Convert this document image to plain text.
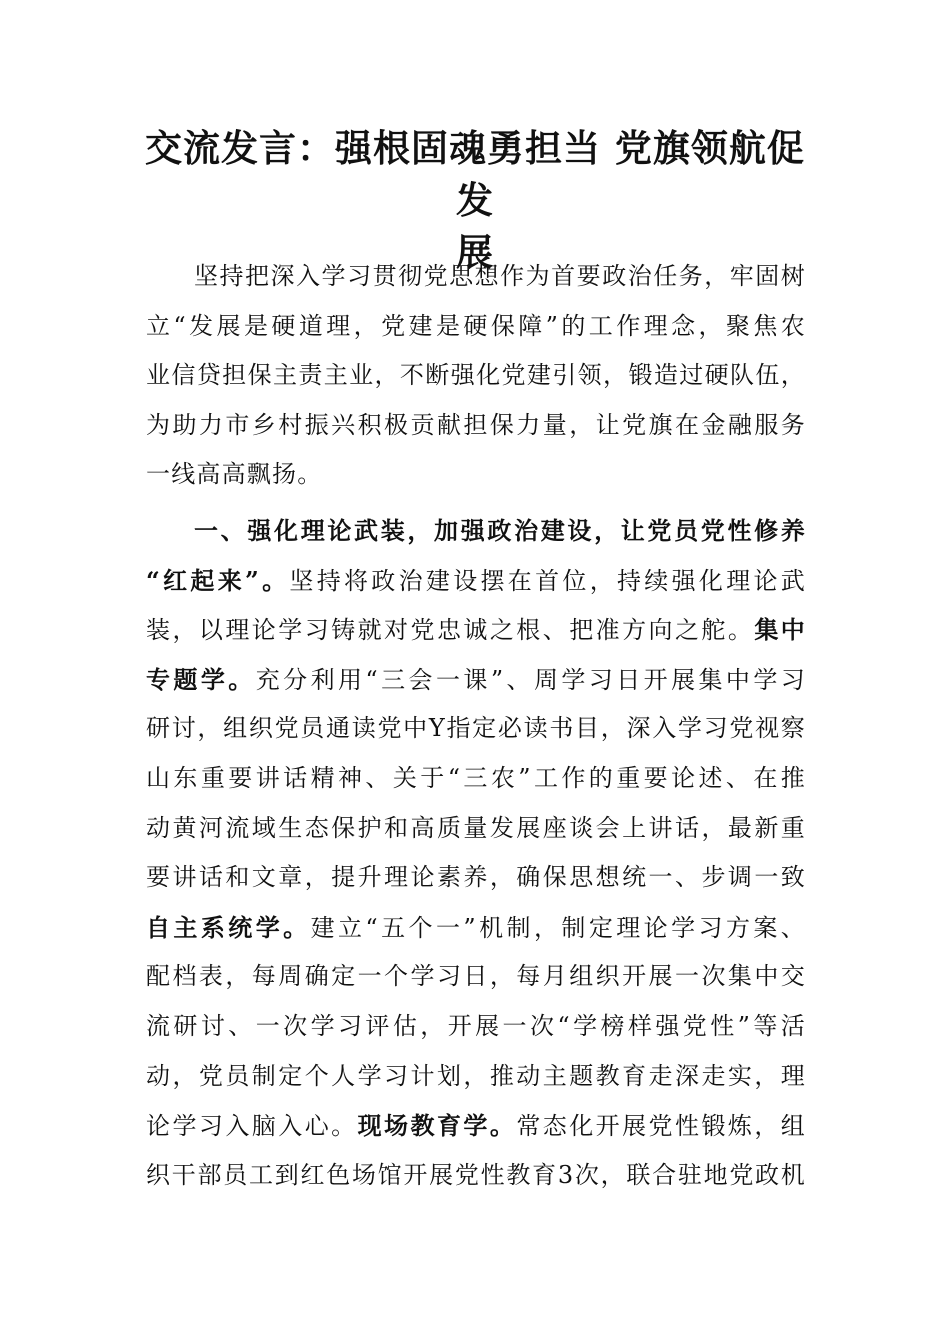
交流发言：强根固魂勇担当 党旗领航促发
展
坚持把深入学习贯彻党思想作为首要政治任务，牢固树
立“发展是硬道理，党建是硬保障”的工作理念，聚焦农
业信贷担保主责主业，不断强化党建引领，锻造过硬队伍，
为助力市乡村振兴积极贡献担保力量，让党旗在金融服务
一线高高飘扬。
一、强化理论武装，加强政治建设，让党员党性修养
“红起来”。坚持将政治建设摆在首位，持续强化理论武
装，以理论学习铸就对党忠诚之根、把准方向之舵。集中
专题学。充分利用“三会一课”、周学习日开展集中学习
研讨，组织党员通读党中Y指定必读书目，深入学习党视察
山东重要讲话精神、关于“三农”工作的重要论述、在推
动黄河流域生态保护和高质量发展座谈会上讲话，最新重
要讲话和文章，提升理论素养，确保思想统一、步调一致
自主系统学。建立“五个一”机制，制定理论学习方案、
配档表，每周确定一个学习日，每月组织开展一次集中交
流研讨、一次学习评估，开展一次“学榜样强党性”等活
动，党员制定个人学习计划，推动主题教育走深走实，理
论学习入脑入心。现场教育学。常态化开展党性锻炼，组
织干部员工到红色场馆开展党性教育3次，联合驻地党政机
